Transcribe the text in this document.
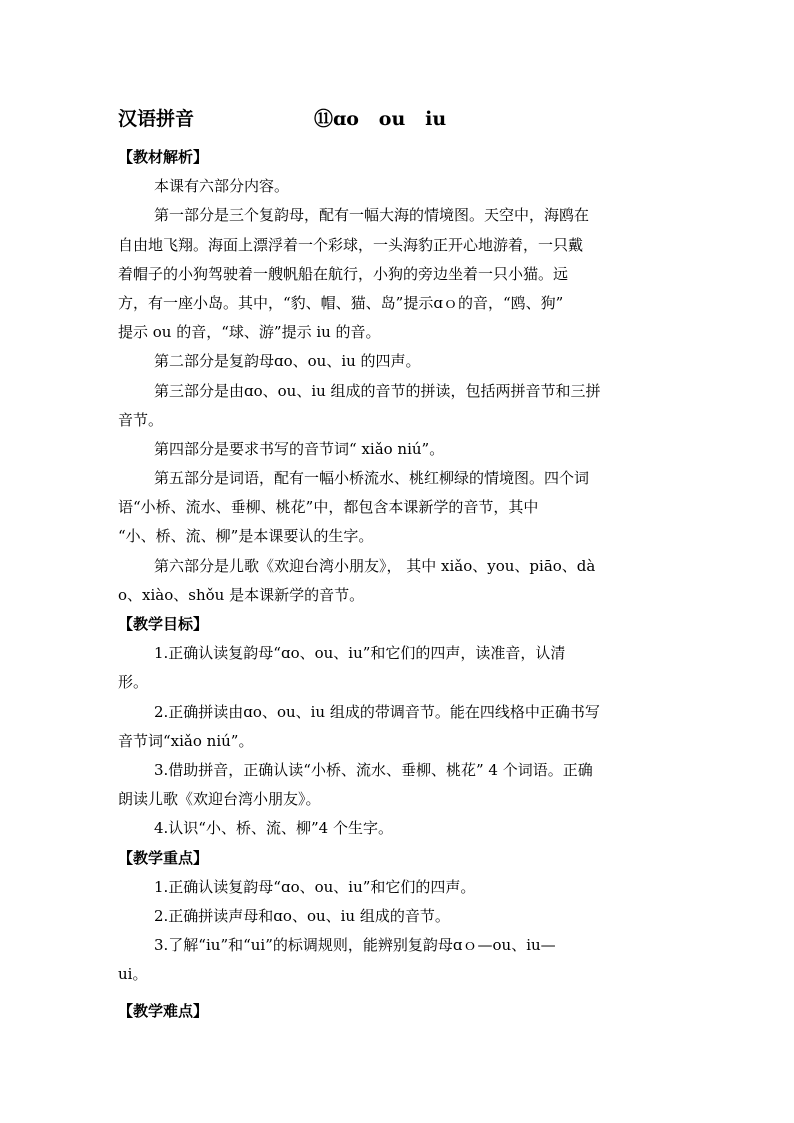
汉语拼音	⑪ɑo   ou   iu
【教材解析】
本课有六部分内容。
第一部分是三个复韵母，配有一幅大海的情境图。天空中，海鸥在
自由地飞翔。海面上漂浮着一个彩球，一头海豹正开心地游着，一只戴
着帽子的小狗驾驶着一艘帆船在航行，小狗的旁边坐着一只小猫。远
方，有一座小岛。其中，“豹、帽、猫、岛”提示ɑｏ的音，“鸥、狗”
提示 ou 的音，“球、游”提示 iu 的音。
第二部分是复韵母ɑo、ou、iu 的四声。
第三部分是由ɑo、ou、iu 组成的音节的拼读，包括两拼音节和三拼
音节。
第四部分是要求书写的音节词“ xiǎo niú”。
第五部分是词语，配有一幅小桥流水、桃红柳绿的情境图。四个词
语“小桥、流水、垂柳、桃花”中，都包含本课新学的音节，其中
“小、桥、流、柳”是本课要认的生字。
第六部分是儿歌《欢迎台湾小朋友》， 其中 xiǎo、you、piāo、dà
o、xiào、shǒu 是本课新学的音节。
【教学目标】
1.正确认读复韵母“ɑo、ou、iu”和它们的四声，读准音，认清
形。
2.正确拼读由ɑo、ou、iu 组成的带调音节。能在四线格中正确书写
音节词“xiǎo niú”。
3.借助拼音，正确认读“小桥、流水、垂柳、桃花” 4 个词语。正确
朗读儿歌《欢迎台湾小朋友》。
4.认识“小、桥、流、柳”4 个生字。
【教学重点】
1.正确认读复韵母“ɑo、ou、iu”和它们的四声。
2.正确拼读声母和ɑo、ou、iu 组成的音节。
3.了解“iu”和“ui”的标调规则，能辨别复韵母ɑｏ—ou、iu—
ui。
【教学难点】
